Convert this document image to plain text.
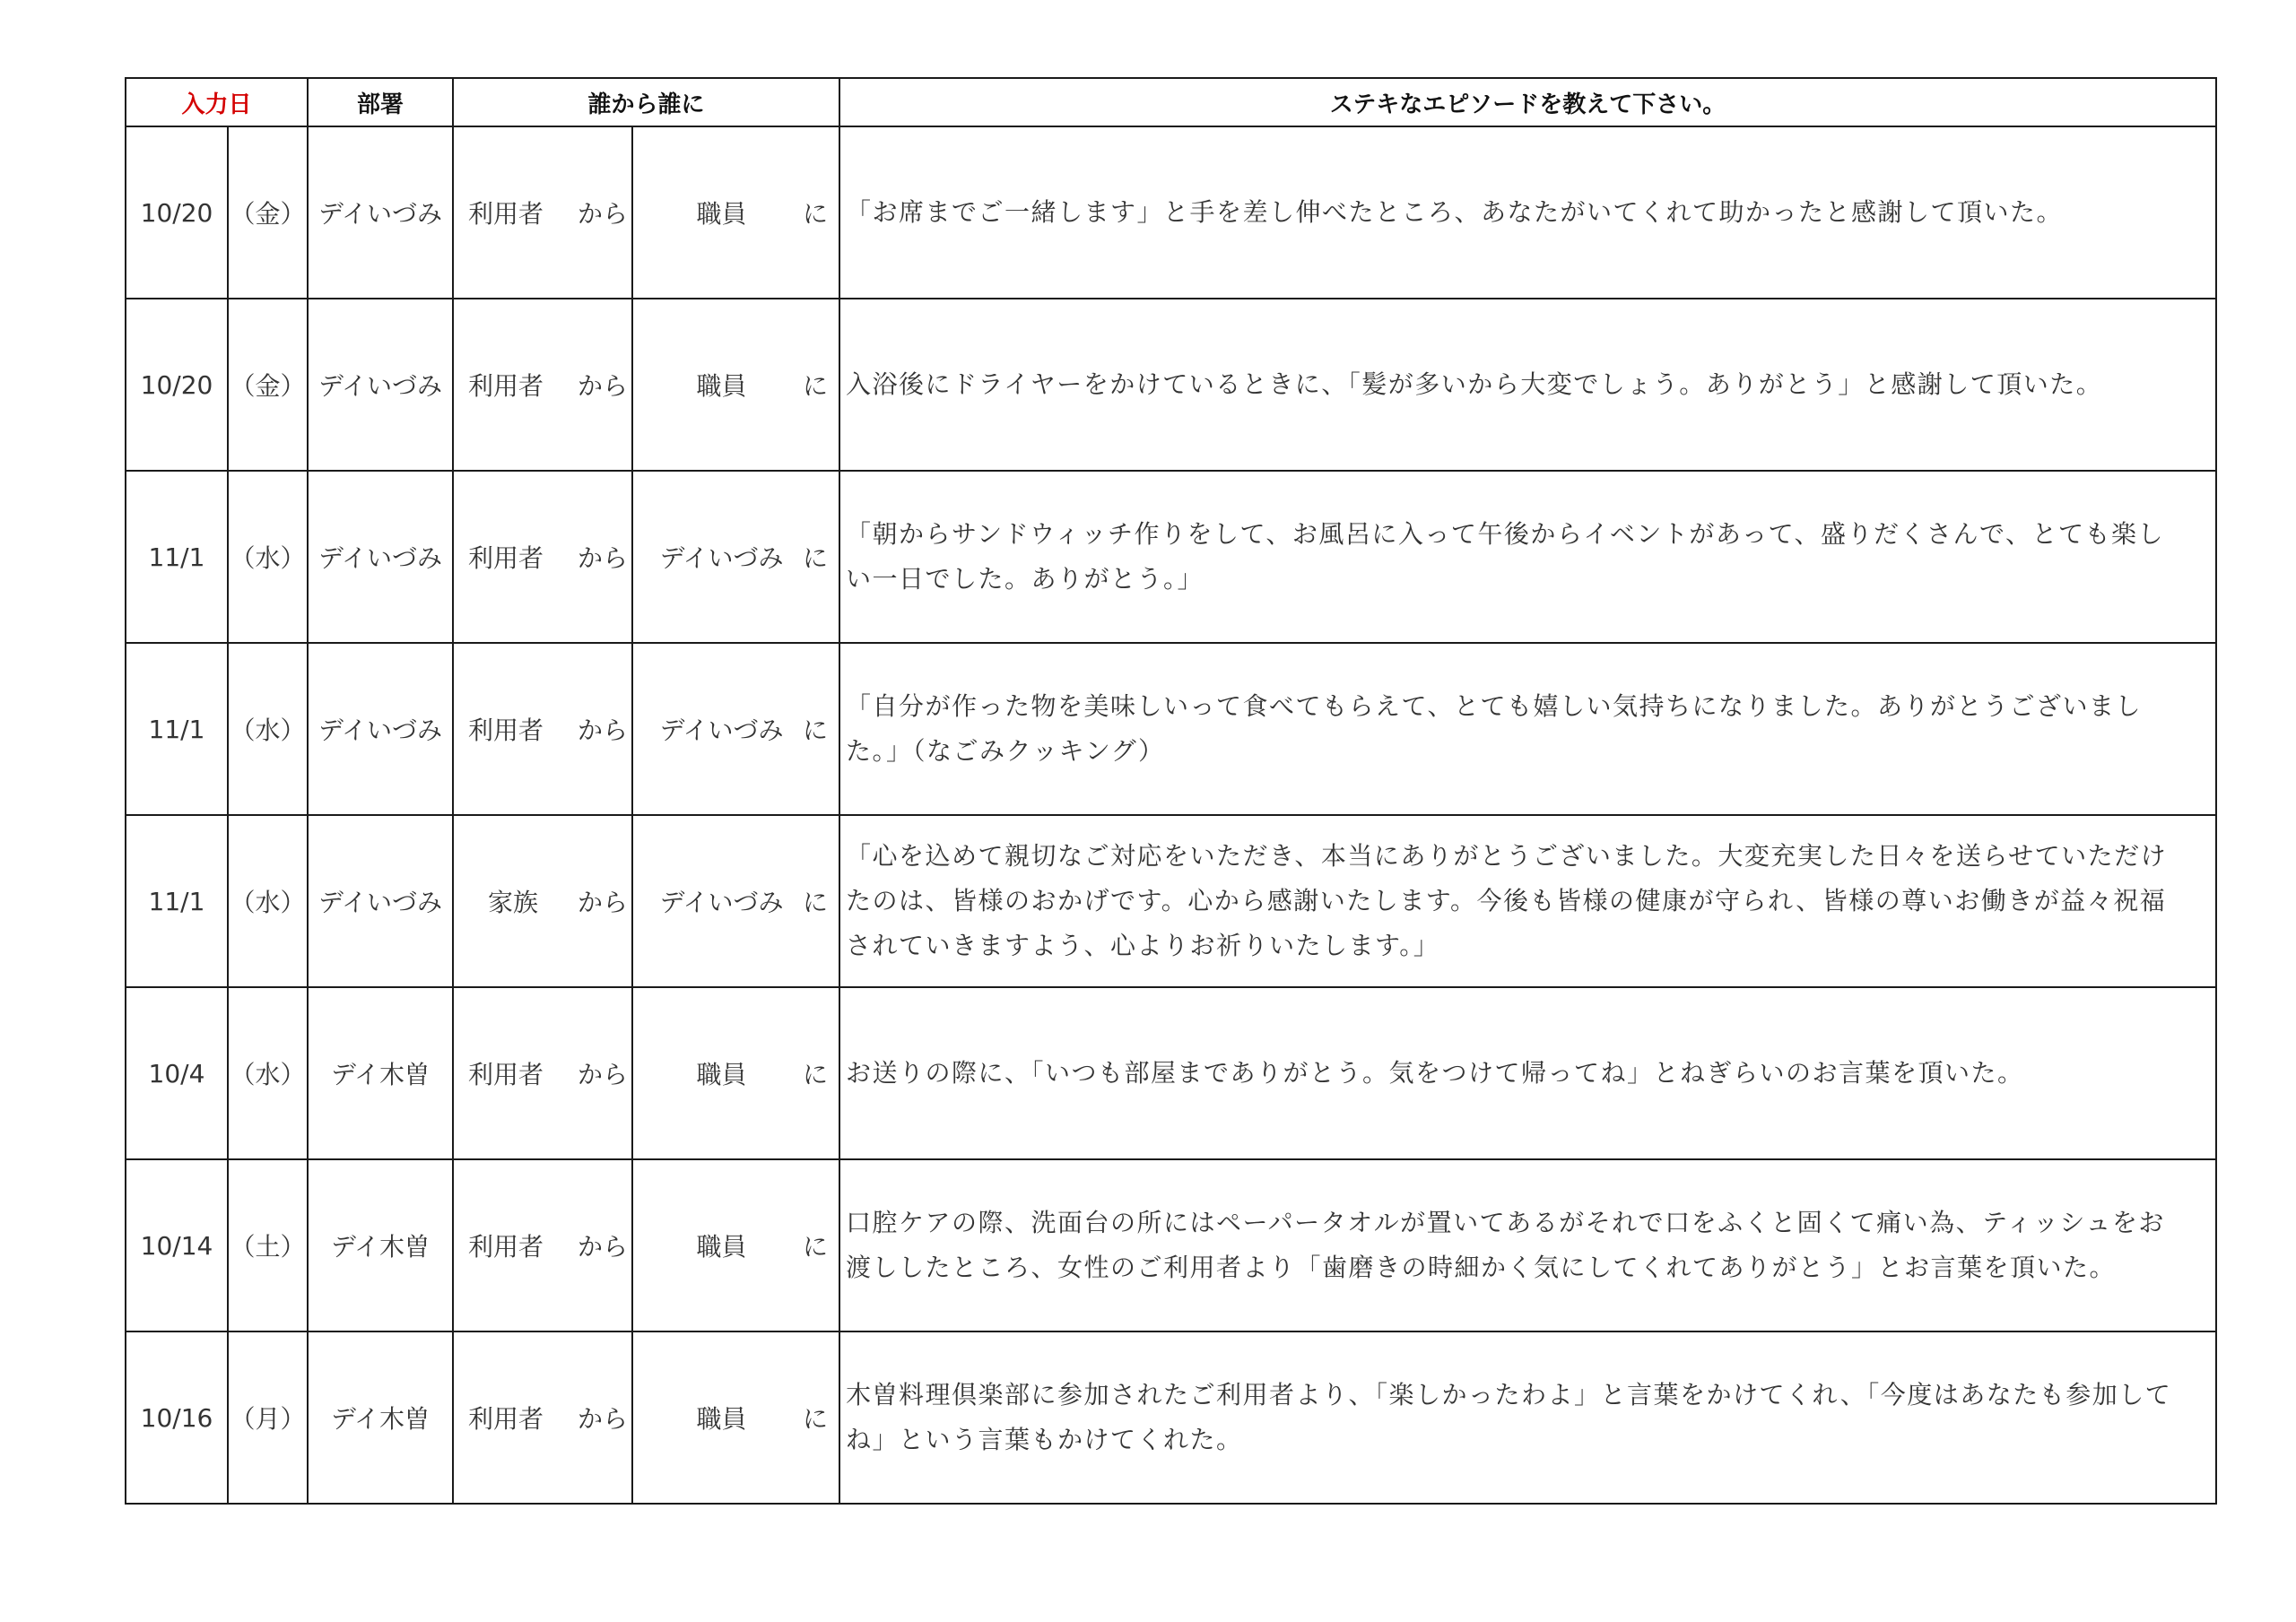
入力日		部署	誰から誰に		ステキなエピソードを教えて下さい。
10/20	（金）	デイいづみ	利用者 から	職員 に	「お席までご一緒します」と手を差し伸べたところ、あなたがいてくれて助かったと感謝して頂いた。
10/20	（金）	デイいづみ	利用者 から	職員 に	入浴後にドライヤーをかけているときに、「髪が多いから大変でしょう。ありがとう」と感謝して頂いた。
11/1	（水）	デイいづみ	利用者 から	デイいづみ に	「朝からサンドウィッチ作りをして、お風呂に入って午後からイベントがあって、盛りだくさんで、とても楽しい一日でした。ありがとう。」
11/1	（水）	デイいづみ	利用者 から	デイいづみ に	「自分が作った物を美味しいって食べてもらえて、とても嬉しい気持ちになりました。ありがとうございました。」（なごみクッキング）
11/1	（水）	デイいづみ	家族 から	デイいづみ に	「心を込めて親切なご対応をいただき、本当にありがとうございました。大変充実した日々を送らせていただけたのは、皆様のおかげです。心から感謝いたします。今後も皆様の健康が守られ、皆様の尊いお働きが益々祝福されていきますよう、心よりお祈りいたします。」
10/4	（水）	デイ木曽	利用者 から	職員 に	お送りの際に、「いつも部屋までありがとう。気をつけて帰ってね」とねぎらいのお言葉を頂いた。
10/14	（土）	デイ木曽	利用者 から	職員 に	口腔ケアの際、洗面台の所にはペーパータオルが置いてあるがそれで口をふくと固くて痛い為、ティッシュをお渡ししたところ、女性のご利用者より「歯磨きの時細かく気にしてくれてありがとう」とお言葉を頂いた。
10/16	（月）	デイ木曽	利用者 から	職員 に	木曽料理倶楽部に参加されたご利用者より、「楽しかったわよ」と言葉をかけてくれ、「今度はあなたも参加してね」という言葉もかけてくれた。
